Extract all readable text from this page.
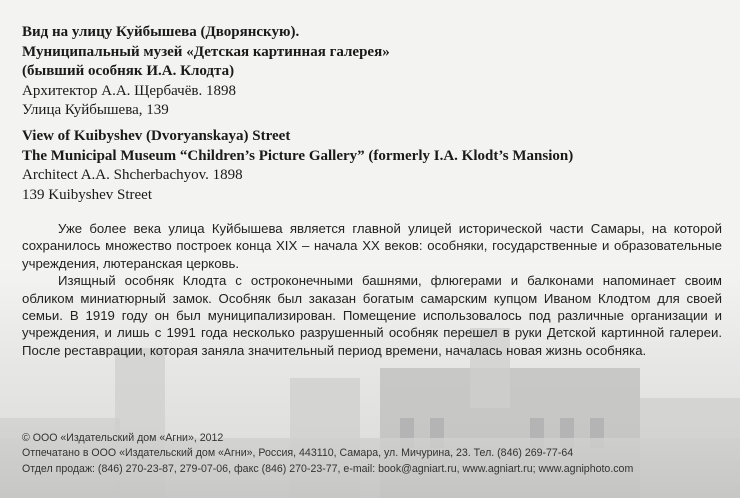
Вид на улицу Куйбышева (Дворянскую).
Муниципальный музей «Детская картинная галерея»
(бывший особняк И.А. Клодта)
Архитектор А.А. Щербачёв. 1898
Улица Куйбышева, 139
View of Kuibyshev (Dvoryanskaya) Street
The Municipal Museum “Children’s Picture Gallery” (formerly I.A. Klodt’s Mansion)
Architect A.A. Shcherbachyov. 1898
139 Kuibyshev Street

Уже более века улица Куйбышева является главной улицей исторической части Самары, на которой сохранилось множество построек конца XIX – начала XX веков: особняки, государственные и образовательные учреждения, лютеранская церковь.

Изящный особняк Клодта с остроконечными башнями, флюгерами и балконами напоминает своим обликом миниатюрный замок. Особняк был заказан богатым самарским купцом Иваном Клодтом для своей семьи. В 1919 году он был муниципализирован. Помещение использовалось под различные организации и учреждения, и лишь с 1991 года несколько разрушенный особняк перешел в руки Детской картинной галереи. После реставрации, которая заняла значительный период времени, началась новая жизнь особняка.

© ООО «Издательский дом «Агни», 2012
Отпечатано в ООО «Издательский дом «Агни», Россия, 443110, Самара, ул. Мичурина, 23. Тел. (846) 269-77-64
Отдел продаж: (846) 270-23-87, 279-07-06, факс (846) 270-23-77, e-mail: book@agniart.ru, www.agniart.ru; www.agniphoto.com
